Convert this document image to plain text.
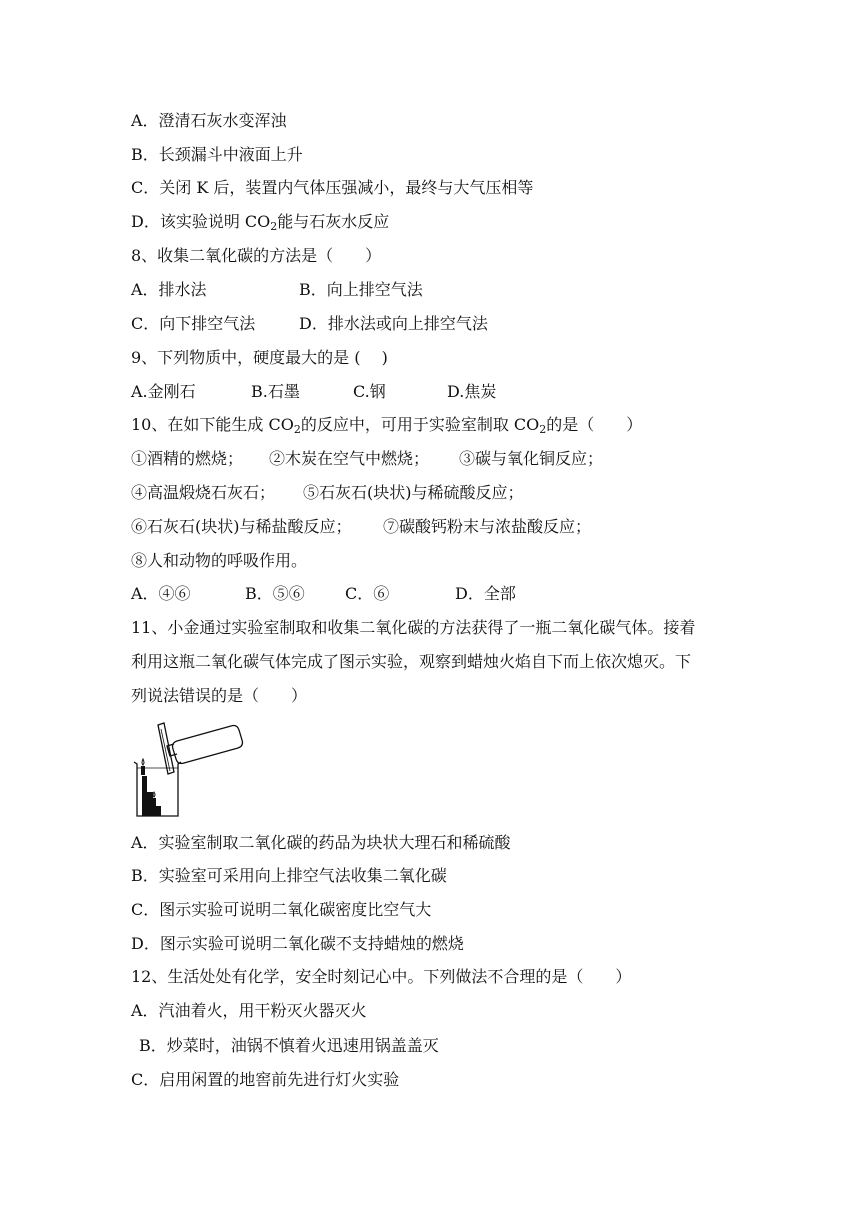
A．澄清石灰水变浑浊
B．长颈漏斗中液面上升
C．关闭 K 后，装置内气体压强减小，最终与大气压相等
D．该实验说明 $CO_2$能与石灰水反应
8、收集二氧化碳的方法是（　　）
A．排水法	B．向上排空气法
C．向下排空气法	D．排水法或向上排空气法
9、下列物质中，硬度最大的是 (　 )
A.金刚石	B.石墨	C.钢	D.焦炭
10、在如下能生成 $CO_2$的反应中，可用于实验室制取 $CO_2$的是（　　）
①酒精的燃烧； ②木炭在空气中燃烧； ③碳与氧化铜反应；
④高温煅烧石灰石； ⑤石灰石(块状)与稀硫酸反应；
⑥石灰石(块状)与稀盐酸反应； ⑦碳酸钙粉末与浓盐酸反应；
⑧人和动物的呼吸作用。
A．④⑥	B．⑤⑥	C．⑥	D．全部
11、小金通过实验室制取和收集二氧化碳的方法获得了一瓶二氧化碳气体。接着
利用这瓶二氧化碳气体完成了图示实验，观察到蜡烛火焰自下而上依次熄灭。下
列说法错误的是（　　）
A．实验室制取二氧化碳的药品为块状大理石和稀硫酸
B．实验室可采用向上排空气法收集二氧化碳
C．图示实验可说明二氧化碳密度比空气大
D．图示实验可说明二氧化碳不支持蜡烛的燃烧
12、生活处处有化学，安全时刻记心中。下列做法不合理的是（　　）
A．汽油着火，用干粉灭火器灭火
B．炒菜时，油锅不慎着火迅速用锅盖盖灭
C．启用闲置的地窖前先进行灯火实验
